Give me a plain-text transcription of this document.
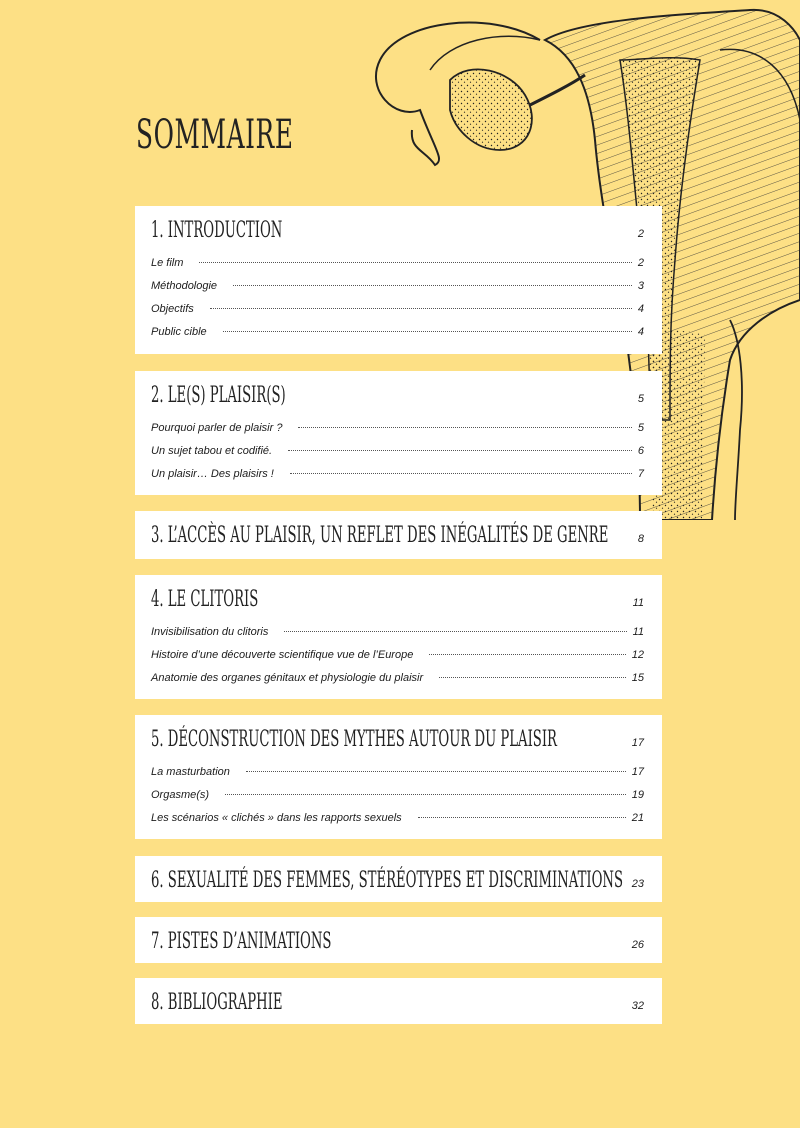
SOMMAIRE
1. INTRODUCTION	2
Le film	2
Méthodologie	3
Objectifs	4
Public cible	4
2. LE(S) PLAISIR(S)	5
Pourquoi parler de plaisir ?	5
Un sujet tabou et codifié.	6
Un plaisir… Des plaisirs !	7
3. L’ACCÈS AU PLAISIR, UN REFLET DES INÉGALITÉS DE GENRE	8
4. LE CLITORIS	11
Invisibilisation du clitoris	11
Histoire d’une découverte scientifique vue de l’Europe	12
Anatomie des organes génitaux et physiologie du plaisir	15
5. DÉCONSTRUCTION DES MYTHES AUTOUR DU PLAISIR	17
La masturbation	17
Orgasme(s)	19
Les scénarios « clichés » dans les rapports sexuels	21
6. SEXUALITÉ DES FEMMES, STÉRÉOTYPES ET DISCRIMINATIONS 23
7. PISTES D’ANIMATIONS	26
8. BIBLIOGRAPHIE	32
